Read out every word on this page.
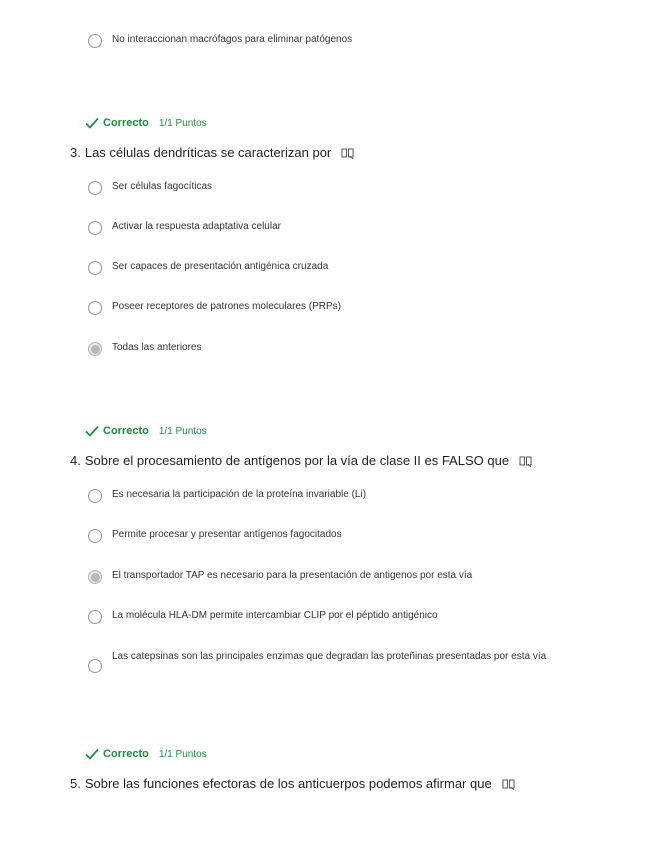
No interaccionan macrófagos para eliminar patógenos
Correcto 1/1 Puntos
3. Las células dendríticas se caracterizan por
Ser células fagocíticas
Activar la respuesta adaptativa celular
Ser capaces de presentación antigénica cruzada
Poseer receptores de patrones moleculares (PRPs)
Todas las anteriores
Correcto 1/1 Puntos
4. Sobre el procesamiento de antígenos por la vía de clase II es FALSO que
Es necesaria la participación de la proteína invariable (Li)
Permite procesar y presentar antígenos fagocitados
El transportador TAP es necesario para la presentación de antigenos por esta vía
La molécula HLA-DM permite intercambiar CLIP por el péptido antigénico
Las catepsinas son las principales enzimas que degradan las proteñinas presentadas por esta vía
Correcto 1/1 Puntos
5. Sobre las funciones efectoras de los anticuerpos podemos afirmar que
